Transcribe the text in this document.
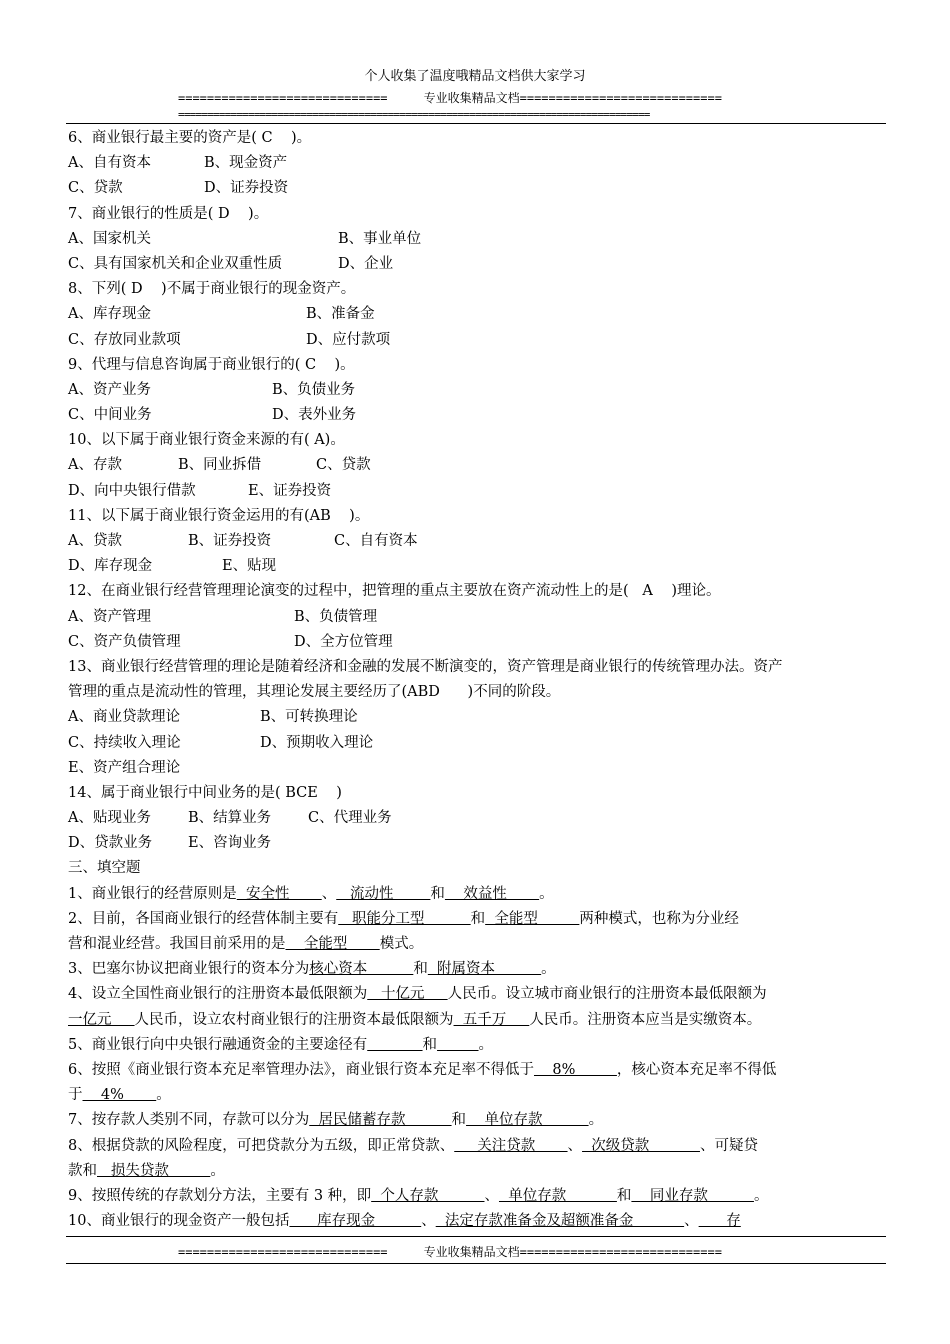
个人收集了温度哦精品文档供大家学习
=============================     专业收集精品文档============================
=================================================================================
6、商业银行最主要的资产是( C    )。
A、自有资本	B、现金资产
C、贷款	D、证券投资
7、商业银行的性质是( D    )。
A、国家机关	B、事业单位
C、具有国家机关和企业双重性质	D、企业
8、下列( D    )不属于商业银行的现金资产。
A、库存现金	B、准备金
C、存放同业款项	D、应付款项
9、代理与信息咨询属于商业银行的( C    )。
A、资产业务	B、负债业务
C、中间业务	D、表外业务
10、以下属于商业银行资金来源的有( A)。
A、存款	B、同业拆借	C、贷款
D、向中央银行借款	E、证券投资
11、以下属于商业银行资金运用的有(AB    )。
A、贷款	B、证券投资	C、自有资本
D、库存现金	E、贴现
12、在商业银行经营管理理论演变的过程中，把管理的重点主要放在资产流动性上的是(   A    )理论。
A、资产管理	B、负债管理
C、资产负债管理	D、全方位管理
13、商业银行经营管理的理论是随着经济和金融的发展不断演变的，资产管理是商业银行的传统管理办法。资产
管理的重点是流动性的管理，其理论发展主要经历了(ABD      )不同的阶段。
A、商业贷款理论	B、可转换理论
C、持续收入理论	D、预期收入理论
E、资产组合理论
14、属于商业银行中间业务的是( BCE    )
A、贴现业务	B、结算业务	C、代理业务
D、贷款业务 E、咨询业务
三、填空题
1、商业银行的经营原则是  安全性       、   流动性        和    效益性       。
2、目前，各国商业银行的经营体制主要有   职能分工型          和  全能型         两种模式，也称为分业经
营和混业经营。我国目前采用的是    全能型       模式。
3、巴塞尔协议把商业银行的资本分为核心资本          和  附属资本          。
4、设立全国性商业银行的注册资本最低限额为   十亿元     人民币。设立城市商业银行的注册资本最低限额为
一亿元     人民币，设立农村商业银行的注册资本最低限额为  五千万     人民币。注册资本应当是实缴资本。
5、商业银行向中央银行融通资金的主要途径有	和	。
6、按照《商业银行资本充足率管理办法》，商业银行资本充足率不得低于    8%         ，核心资本充足率不得低
于    4%       。
7、按存款人类别不同，存款可以分为  居民储蓄存款          和    单位存款          。
8、根据贷款的风险程度，可把贷款分为五级，即正常贷款、     关注贷款       、  次级贷款           、可疑贷
款和   损失贷款         。
9、按照传统的存款划分方法，主要有 3 种，即  个人存款          、  单位存款           和    同业存款          。
10、商业银行的现金资产一般包括      库存现金          、  法定存款准备金及超额准备金           、      存
=============================     专业收集精品文档============================
